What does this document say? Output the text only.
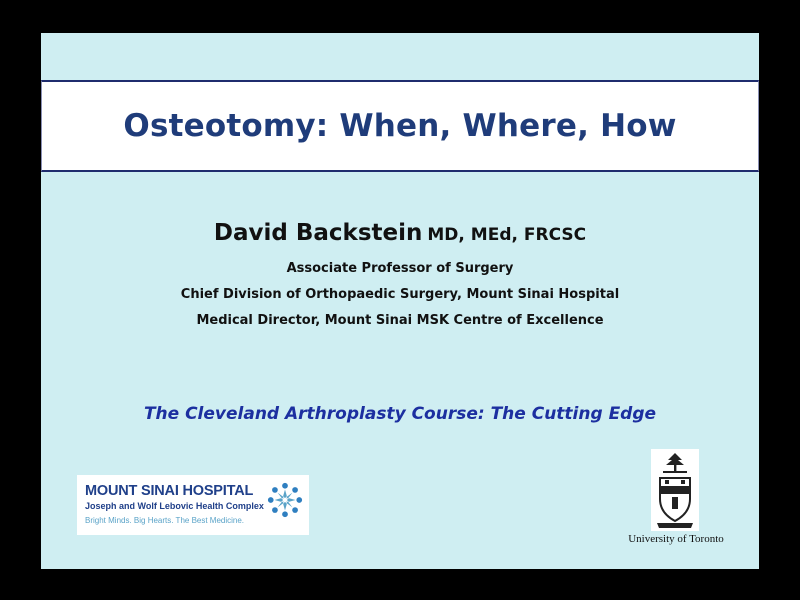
Osteotomy: When, Where, How
David Backstein MD, MEd, FRCSC
Associate Professor of Surgery
Chief Division of Orthopaedic Surgery, Mount Sinai Hospital
Medical Director, Mount Sinai MSK Centre of Excellence
The Cleveland Arthroplasty Course: The Cutting Edge
MOUNT SINAI HOSPITAL
Joseph and Wolf Lebovic Health Complex
Bright Minds. Big Hearts. The Best Medicine.
University of Toronto
